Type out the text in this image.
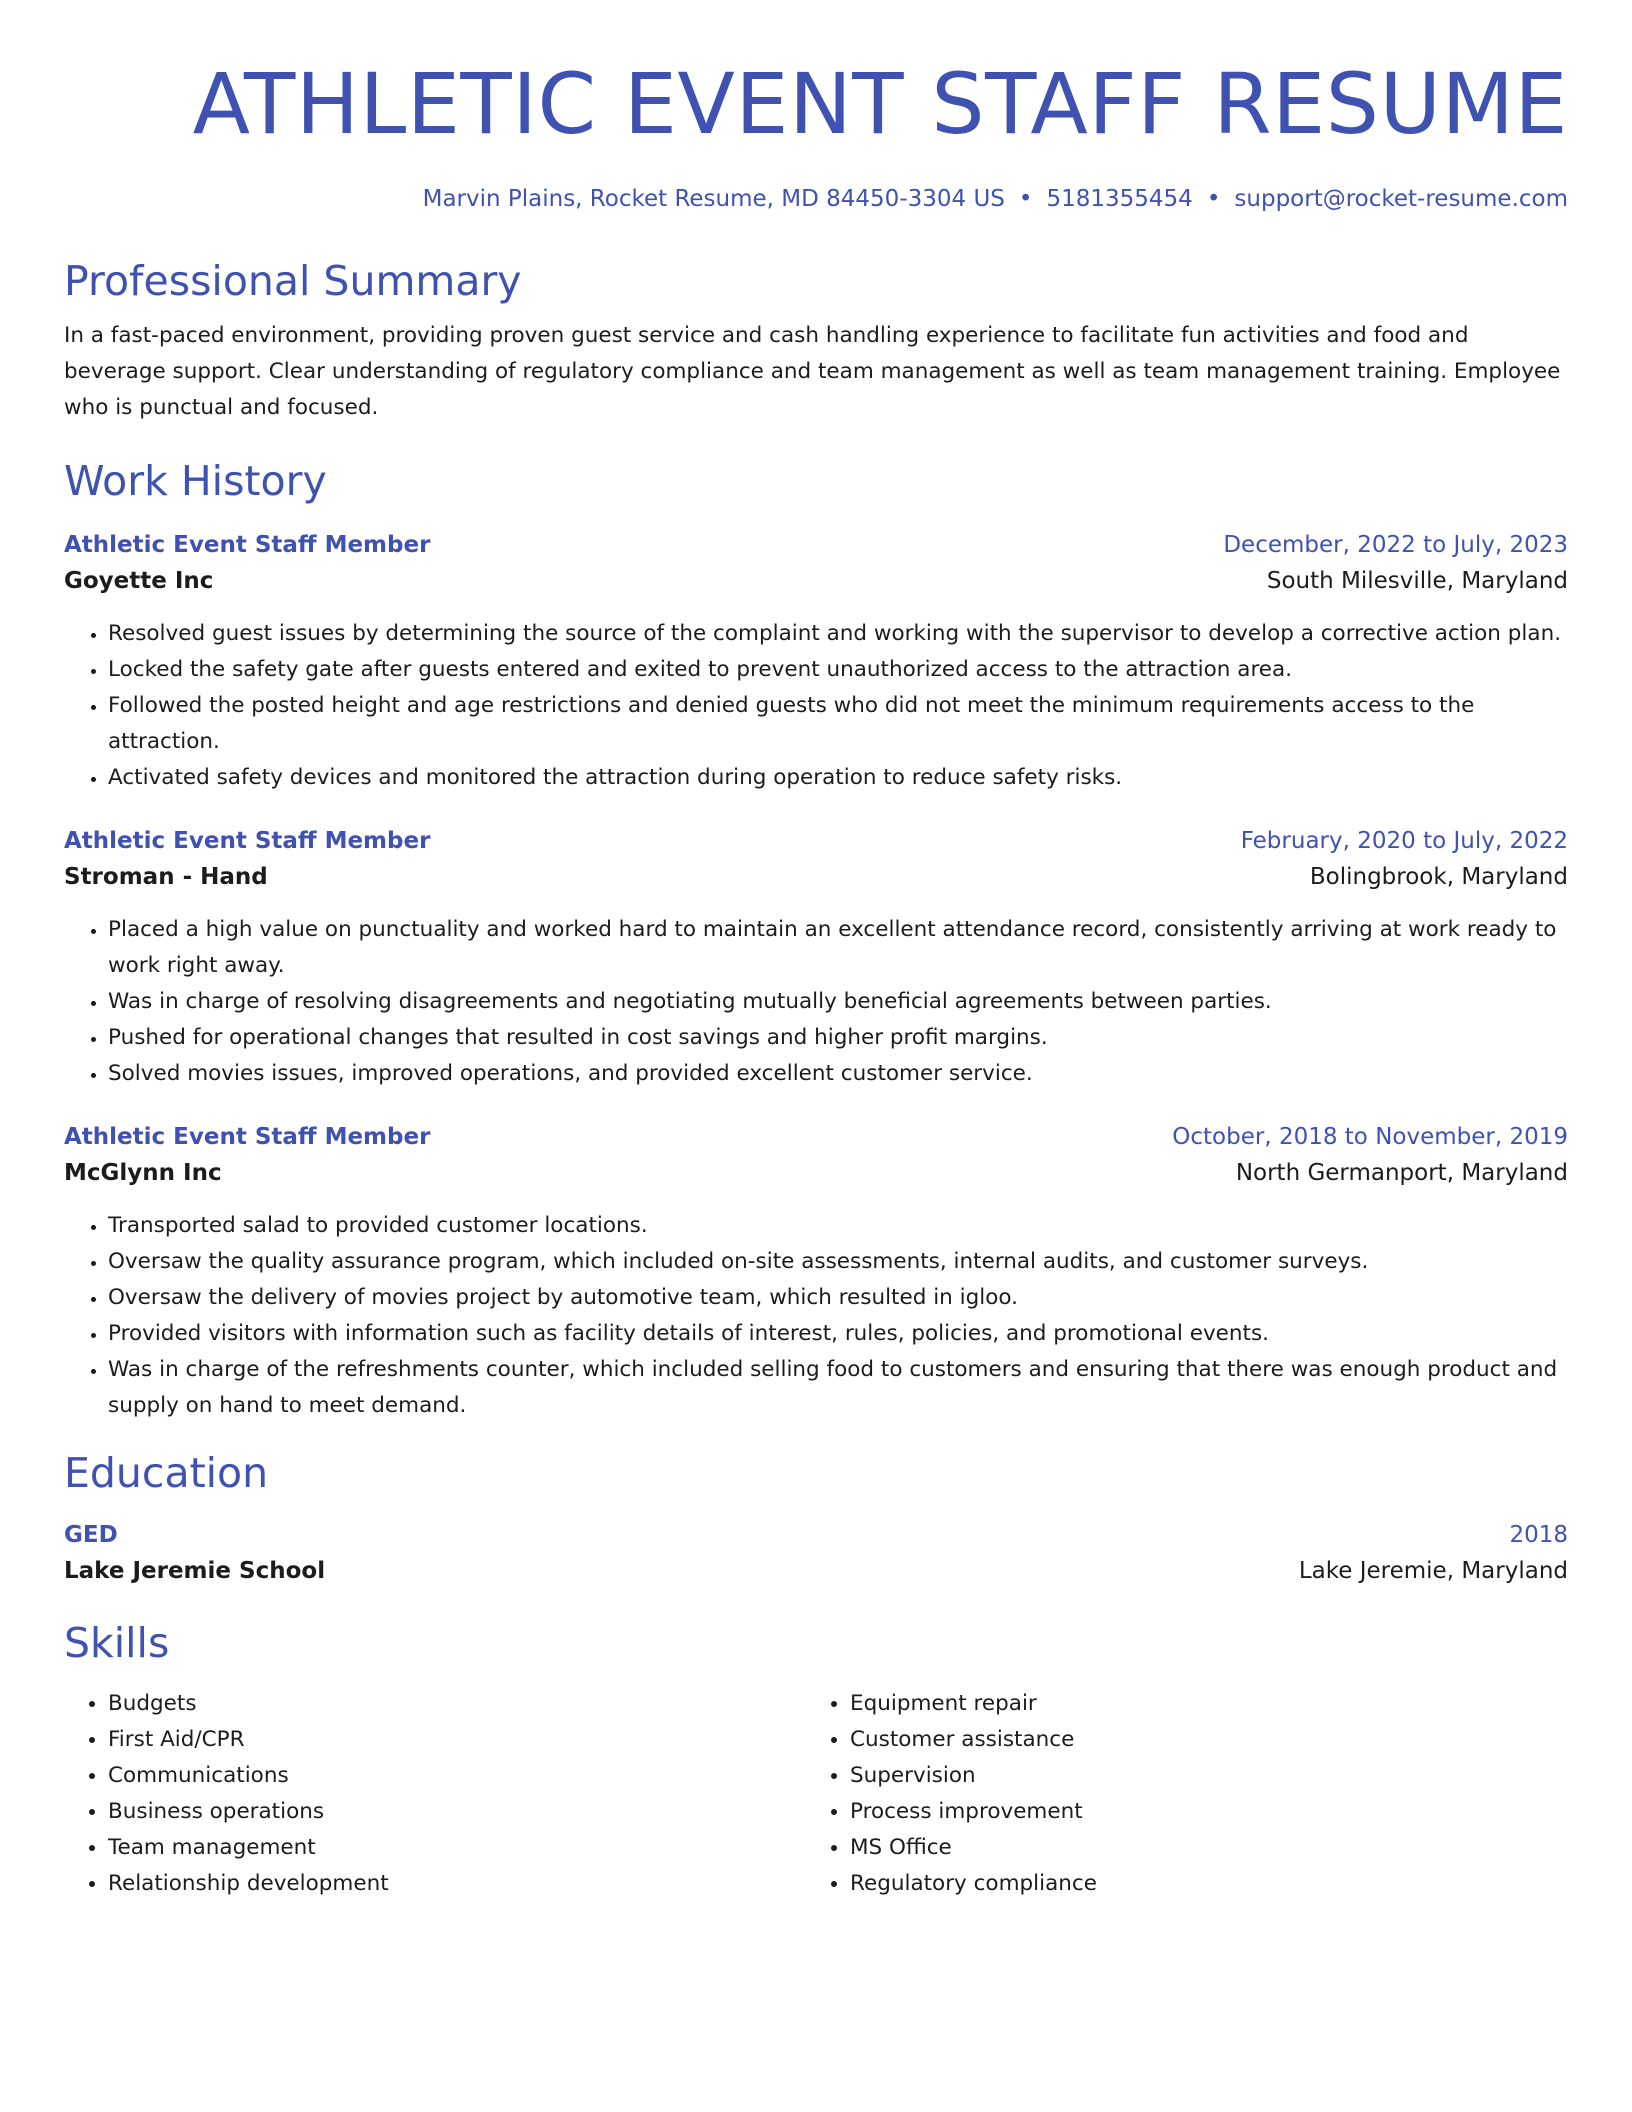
ATHLETIC EVENT STAFF RESUME
Marvin Plains, Rocket Resume, MD 84450-3304 US • 5181355454 • support@rocket-resume.com
Professional Summary

In a fast-paced environment, providing proven guest service and cash handling experience to facilitate fun activities and food and beverage support. Clear understanding of regulatory compliance and team management as well as team management training. Employee who is punctual and focused.

Work History
Athletic Event Staff Member	December, 2022 to July, 2023
Goyette Inc	South Milesville, Maryland
• Resolved guest issues by determining the source of the complaint and working with the supervisor to develop a corrective action plan.
• Locked the safety gate after guests entered and exited to prevent unauthorized access to the attraction area.
• Followed the posted height and age restrictions and denied guests who did not meet the minimum requirements access to the attraction.
• Activated safety devices and monitored the attraction during operation to reduce safety risks.
Athletic Event Staff Member	February, 2020 to July, 2022
Stroman - Hand	Bolingbrook, Maryland
• Placed a high value on punctuality and worked hard to maintain an excellent attendance record, consistently arriving at work ready to work right away.
• Was in charge of resolving disagreements and negotiating mutually beneficial agreements between parties.
• Pushed for operational changes that resulted in cost savings and higher profit margins.
• Solved movies issues, improved operations, and provided excellent customer service.
Athletic Event Staff Member	October, 2018 to November, 2019
McGlynn Inc	North Germanport, Maryland
• Transported salad to provided customer locations.
• Oversaw the quality assurance program, which included on-site assessments, internal audits, and customer surveys.
• Oversaw the delivery of movies project by automotive team, which resulted in igloo.
• Provided visitors with information such as facility details of interest, rules, policies, and promotional events.
• Was in charge of the refreshments counter, which included selling food to customers and ensuring that there was enough product and supply on hand to meet demand.
Education
GED	2018
Lake Jeremie School	Lake Jeremie, Maryland
Skills
• Budgets
• First Aid/CPR
• Communications
• Business operations
• Team management
• Relationship development
• Equipment repair
• Customer assistance
• Supervision
• Process improvement
• MS Office
• Regulatory compliance
